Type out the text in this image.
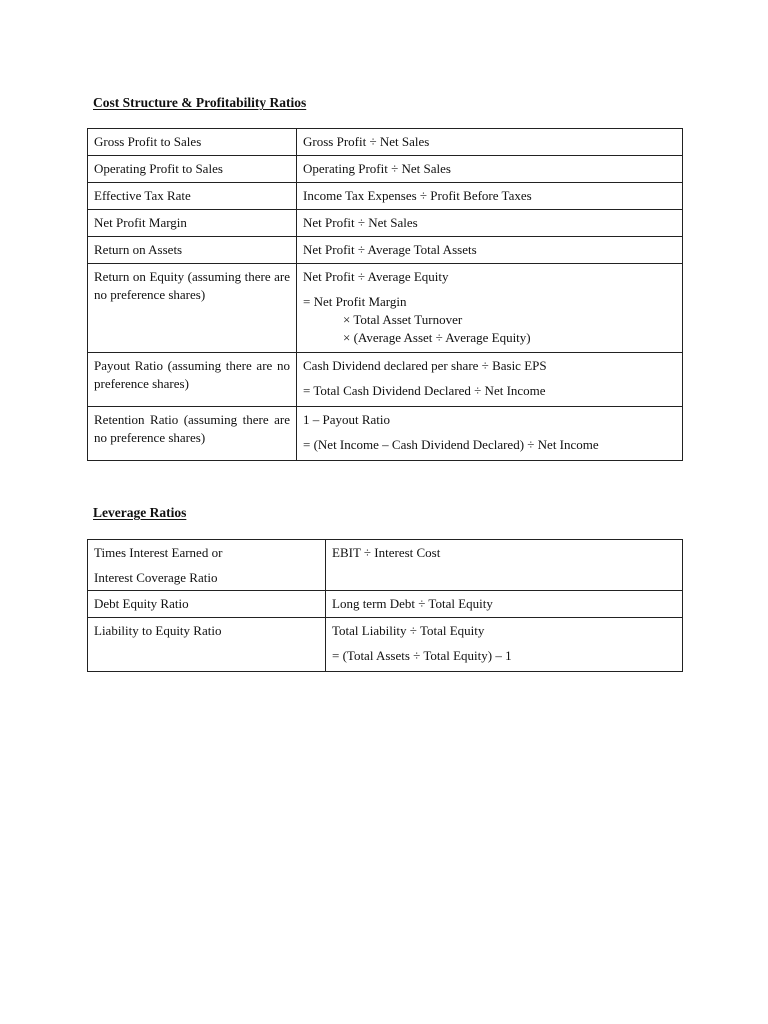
Cost Structure & Profitability Ratios
Gross Profit to Sales	Gross Profit ÷ Net Sales
Operating Profit to Sales	Operating Profit ÷ Net Sales
Effective Tax Rate	Income Tax Expenses ÷ Profit Before Taxes
Net Profit Margin	Net Profit ÷ Net Sales
Return on Assets	Net Profit ÷ Average Total Assets
Return on Equity (assuming there are no preference shares)	Net Profit ÷ Average Equity
= Net Profit Margin
× Total Asset Turnover
× (Average Asset ÷ Average Equity)

Payout Ratio (assuming there are no preference shares)	Cash Dividend declared per share ÷ Basic EPS
= Total Cash Dividend Declared ÷ Net Income

Retention Ratio (assuming there are no preference shares)	1 – Payout Ratio
= (Net Income – Cash Dividend Declared) ÷ Net Income
Leverage Ratios
Times Interest Earned or
Interest Coverage Ratio	EBIT ÷ Interest Cost
Debt Equity Ratio	Long term Debt ÷ Total Equity
Liability to Equity Ratio	Total Liability ÷ Total Equity
= (Total Assets ÷ Total Equity) – 1
